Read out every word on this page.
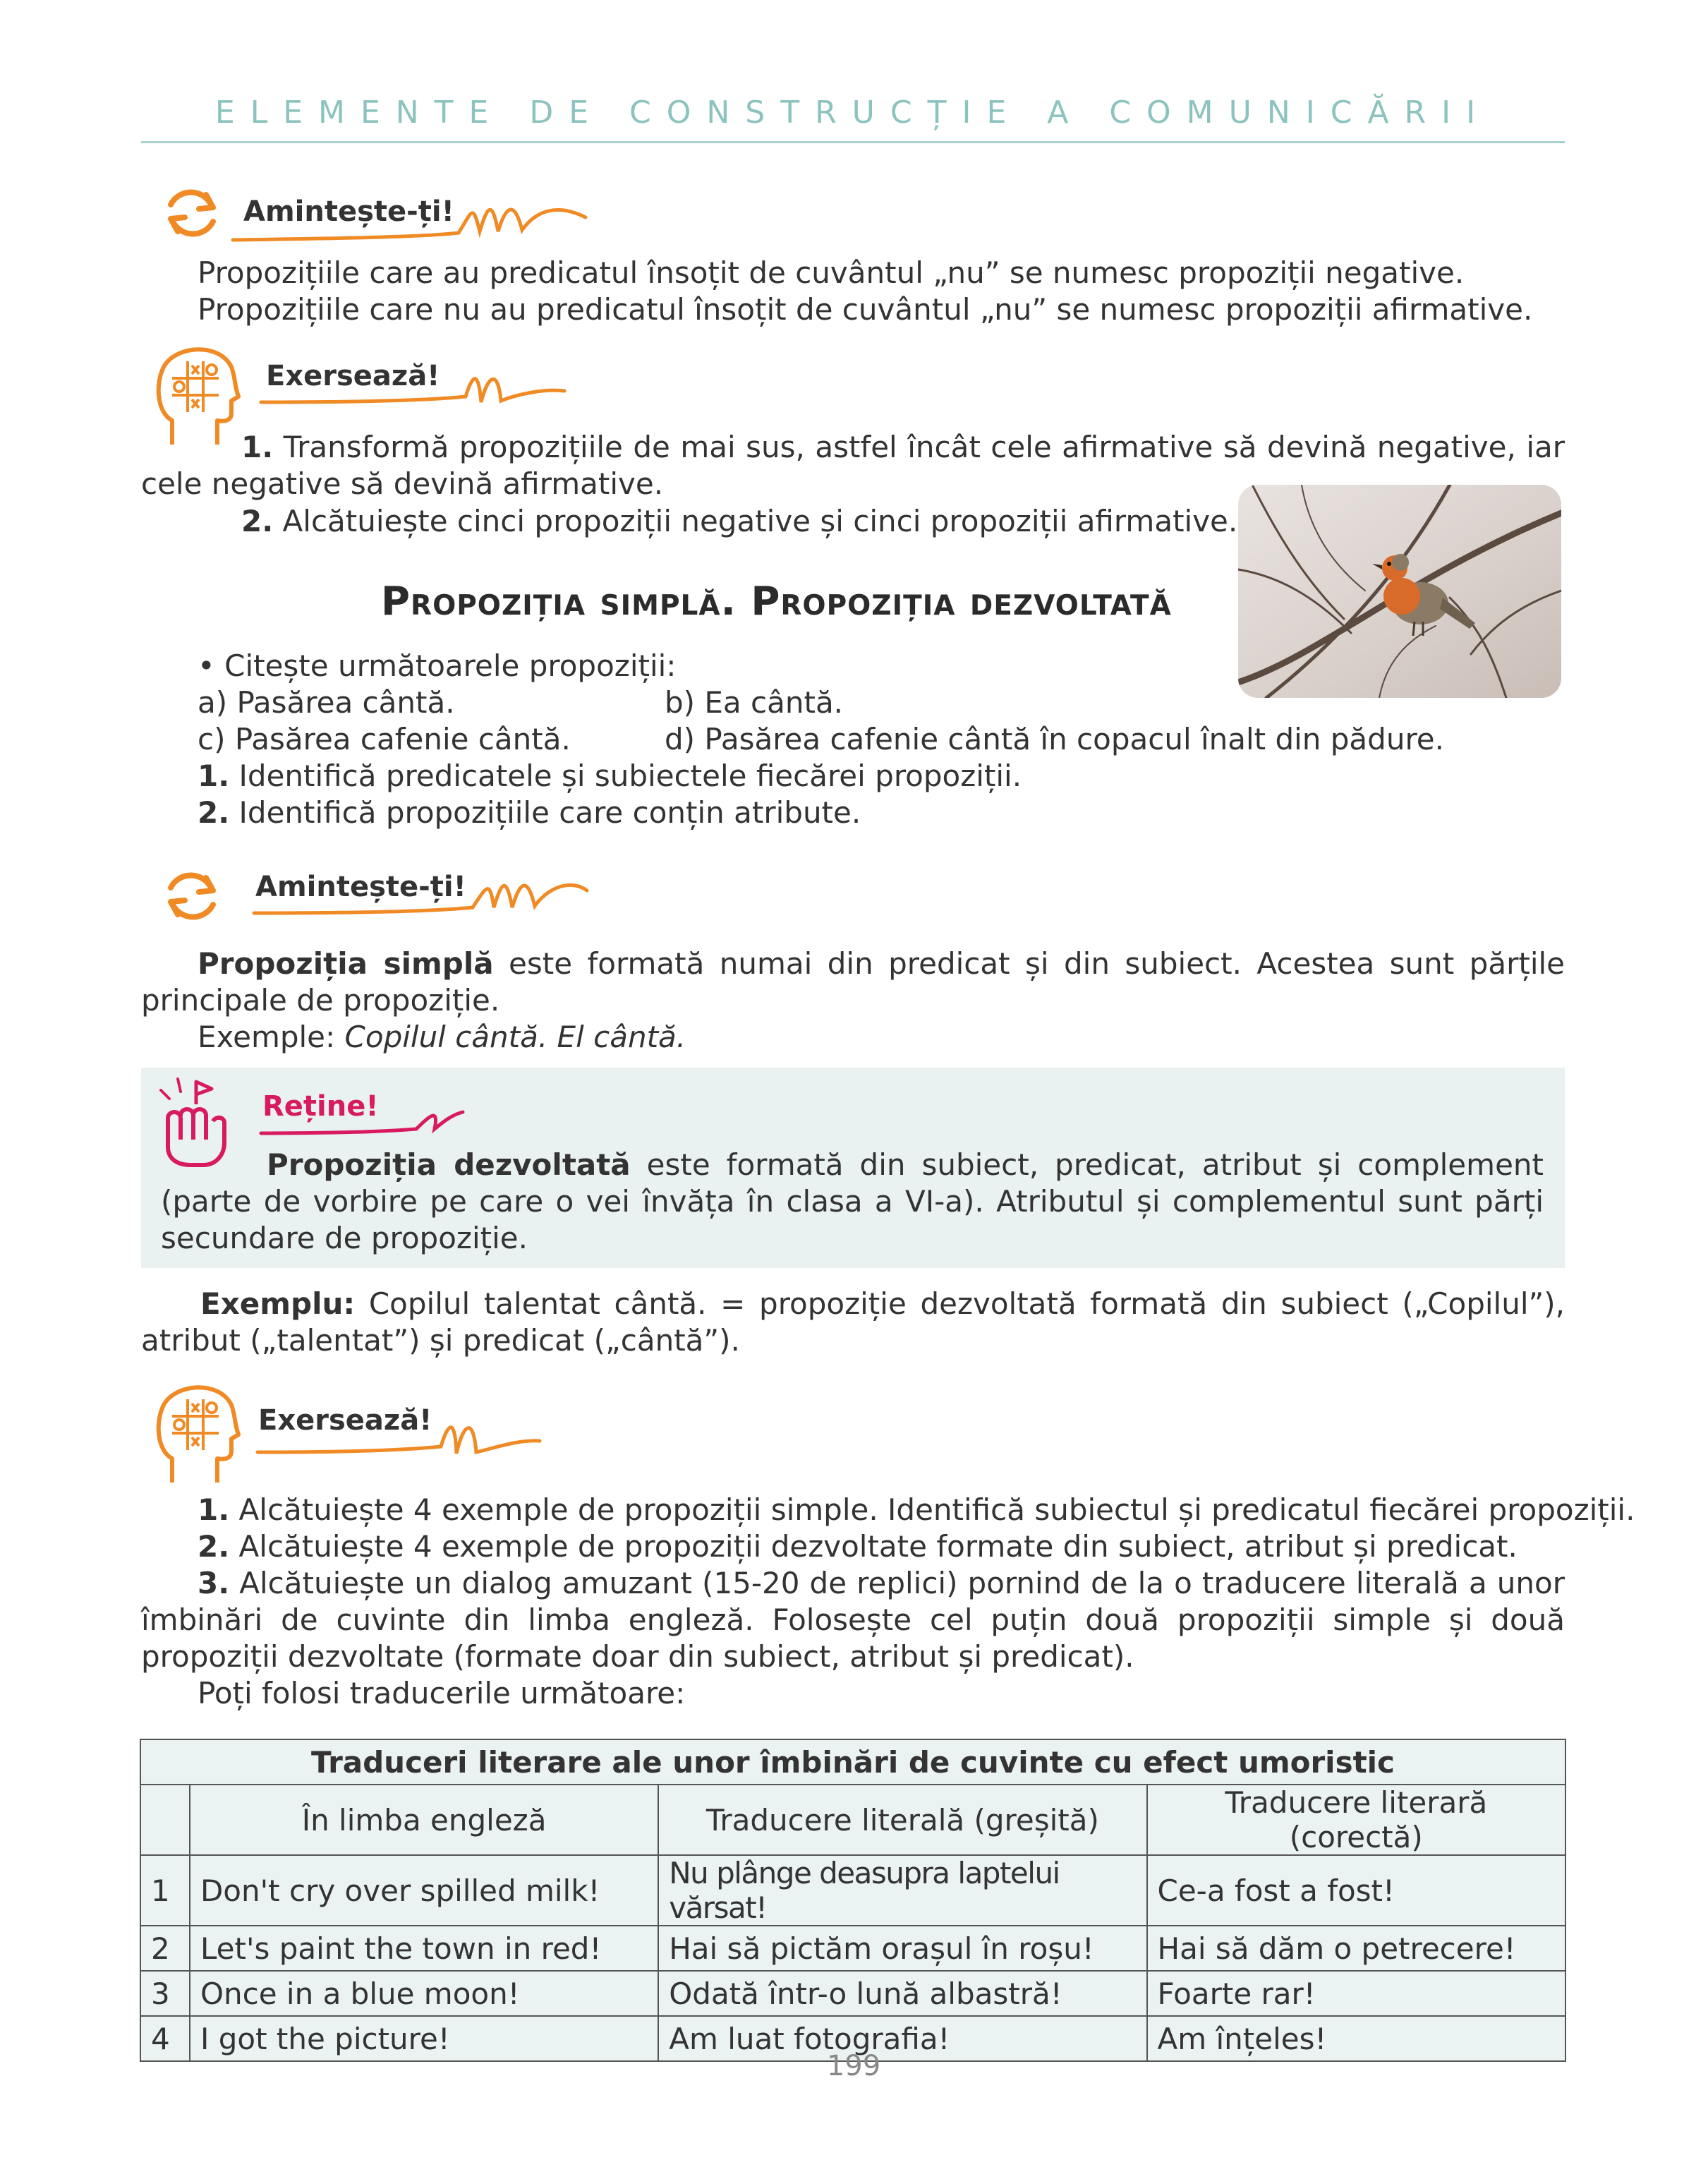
ELEMENTE DE CONSTRUCȚIE A COMUNICĂRII
Amintește-ți!
Propozițiile care au predicatul însoțit de cuvântul „nu” se numesc propoziții negative.
Propozițiile care nu au predicatul însoțit de cuvântul „nu” se numesc propoziții afirmative.
Exersează!
1. Transformă propozițiile de mai sus, astfel încât cele afirmative să devină negative, iar cele negative să devină afirmative.
2. Alcătuiește cinci propoziții negative și cinci propoziții afirmative.
Propoziția simplă. Propoziția dezvoltată
• Citește următoarele propoziții:
a) Pasărea cântă.	b) Ea cântă.
c) Pasărea cafenie cântă.	d) Pasărea cafenie cântă în copacul înalt din pădure.
1. Identifică predicatele și subiectele fiecărei propoziții.
2. Identifică propozițiile care conțin atribute.
Amintește-ți!
Propoziția simplă este formată numai din predicat și din subiect. Acestea sunt părțile principale de propoziție.
Exemple: Copilul cântă. El cântă.
Reține!
Propoziția dezvoltată este formată din subiect, predicat, atribut și complement (parte de vorbire pe care o vei învăța în clasa a VI-a). Atributul și complementul sunt părți secundare de propoziție.
Exemplu: Copilul talentat cântă. = propoziție dezvoltată formată din subiect („Copilul”), atribut („talentat”) și predicat („cântă”).
Exersează!
1. Alcătuiește 4 exemple de propoziții simple. Identifică subiectul și predicatul fiecărei propoziții.
2. Alcătuiește 4 exemple de propoziții dezvoltate formate din subiect, atribut și predicat.
3. Alcătuiește un dialog amuzant (15-20 de replici) pornind de la o traducere literală a unor îmbinări de cuvinte din limba engleză. Folosește cel puțin două propoziții simple și două propoziții dezvoltate (formate doar din subiect, atribut și predicat).
Poți folosi traducerile următoare:
Traduceri literare ale unor îmbinări de cuvinte cu efect umoristic			
	În limba engleză	Traducere literală (greșită)	Traducere literară (corectă)
1	Don't cry over spilled milk!	Nu plânge deasupra laptelui vărsat!	Ce-a fost a fost!
2	Let's paint the town in red!	Hai să pictăm orașul în roșu!	Hai să dăm o petrecere!
3	Once in a blue moon!	Odată într-o lună albastră!	Foarte rar!
4	I got the picture!	Am luat fotografia!	Am înțeles!
199
